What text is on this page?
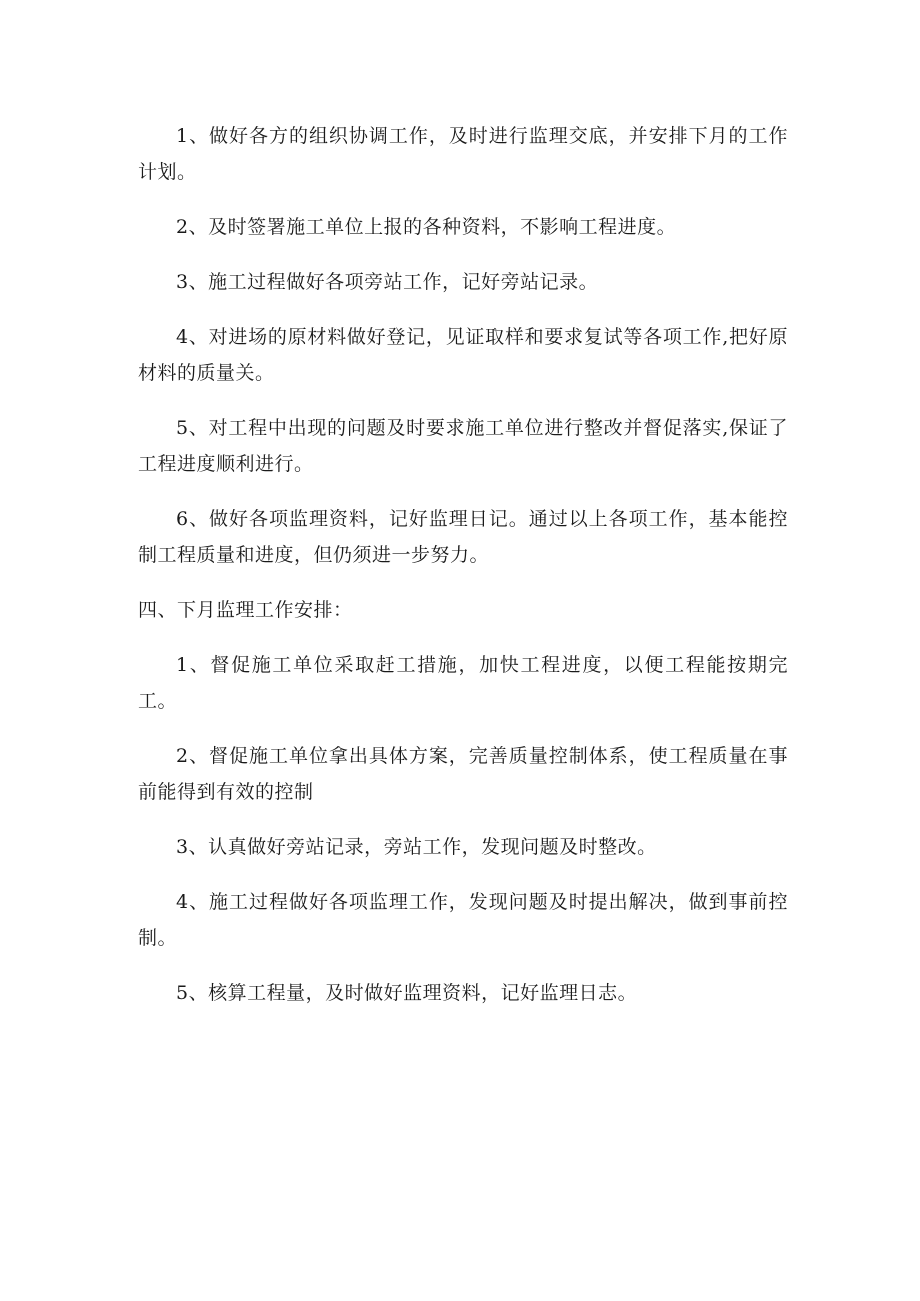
1、做好各方的组织协调工作，及时进行监理交底，并安排下月的工作计划。

2、及时签署施工单位上报的各种资料，不影响工程进度。

3、施工过程做好各项旁站工作，记好旁站记录。

4、对进场的原材料做好登记，见证取样和要求复试等各项工作,把好原材料的质量关。

5、对工程中出现的问题及时要求施工单位进行整改并督促落实,保证了工程进度顺利进行。

6、做好各项监理资料，记好监理日记。通过以上各项工作，基本能控制工程质量和进度，但仍须进一步努力。

四、下月监理工作安排：

1、督促施工单位采取赶工措施，加快工程进度，以便工程能按期完工。

2、督促施工单位拿出具体方案，完善质量控制体系，使工程质量在事前能得到有效的控制

3、认真做好旁站记录，旁站工作，发现问题及时整改。

4、施工过程做好各项监理工作，发现问题及时提出解决，做到事前控制。

5、核算工程量，及时做好监理资料，记好监理日志。
